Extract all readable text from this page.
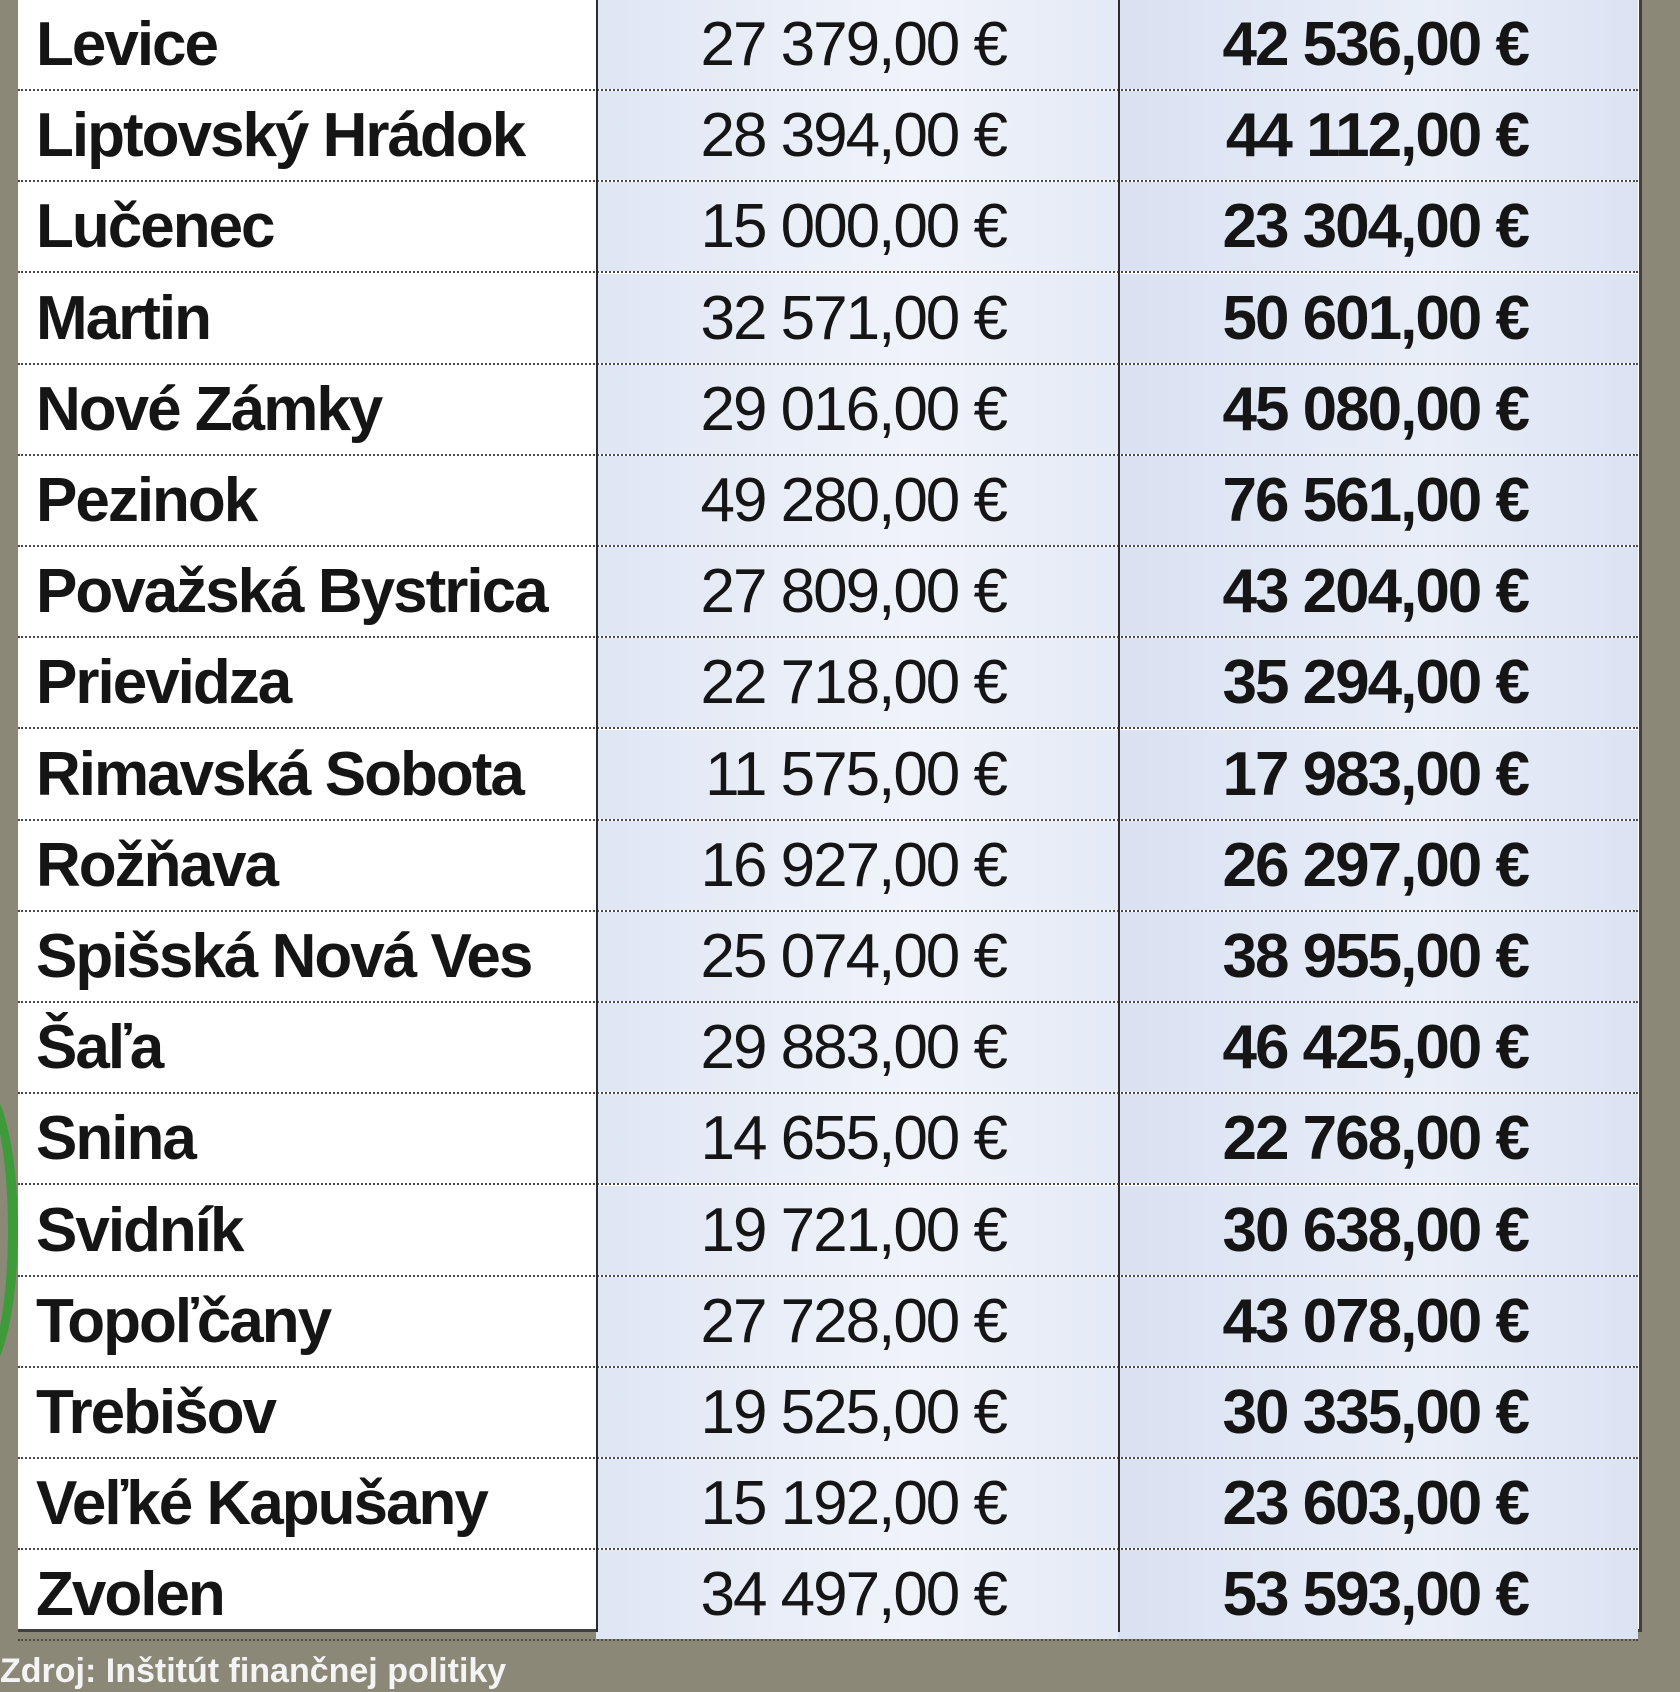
Zvolen	34 497,00 €	53 593,00 €
Veľké Kapušany	15 192,00 €	23 603,00 €
Trebišov	19 525,00 €	30 335,00 €
Topoľčany	27 728,00 €	43 078,00 €
Svidník	19 721,00 €	30 638,00 €
Snina	14 655,00 €	22 768,00 €
Šaľa	29 883,00 €	46 425,00 €
Spišská Nová Ves	25 074,00 €	38 955,00 €
Rožňava	16 927,00 €	26 297,00 €
Rimavská Sobota	11 575,00 €	17 983,00 €
Prievidza	22 718,00 €	35 294,00 €
Považská Bystrica	27 809,00 €	43 204,00 €
Pezinok	49 280,00 €	76 561,00 €
Nové Zámky	29 016,00 €	45 080,00 €
Martin	32 571,00 €	50 601,00 €
Lučenec	15 000,00 €	23 304,00 €
Liptovský Hrádok	28 394,00 €	44 112,00 €
Levice	27 379,00 €	42 536,00 €
Zdroj: Inštitút finančnej politiky
